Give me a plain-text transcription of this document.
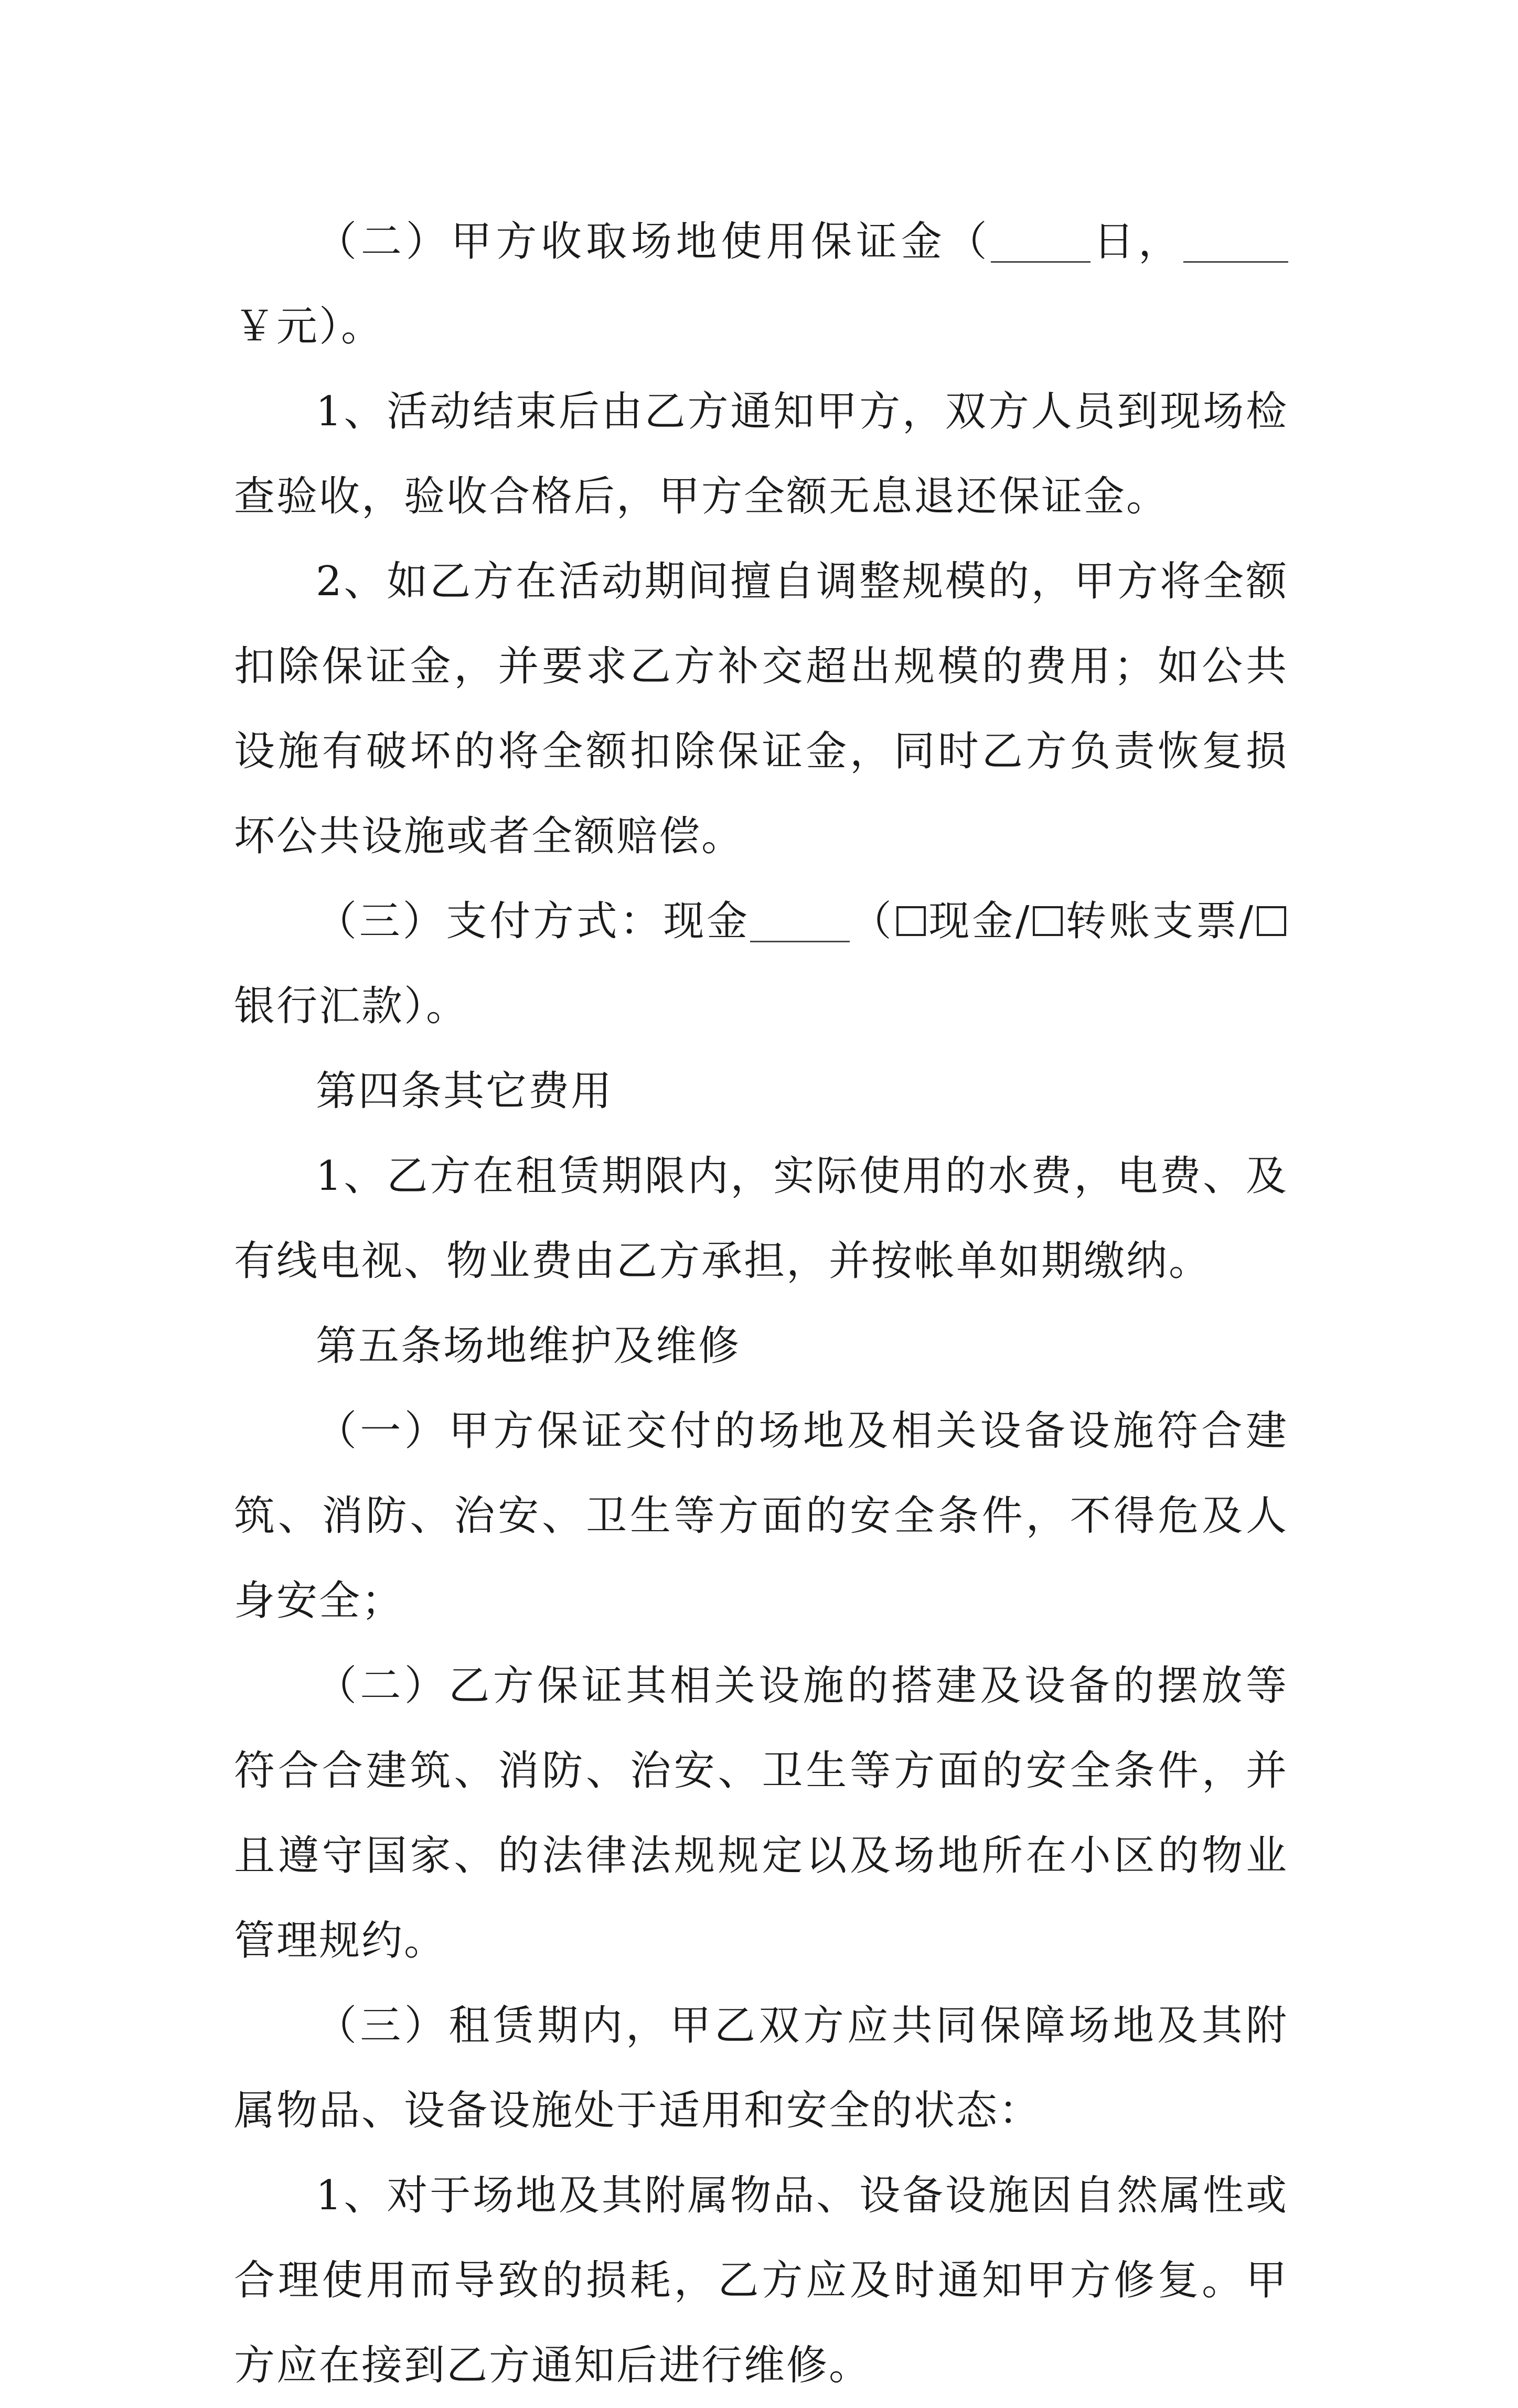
（二）甲方收取场地使用保证金（ 日，￥元）。

1、活动结束后由乙方通知甲方，双方人员到现场检查验收，验收合格后，甲方全额无息退还保证金。

2、如乙方在活动期间擅自调整规模的，甲方将全额扣除保证金，并要求乙方补交超出规模的费用；如公共设施有破坏的将全额扣除保证金，同时乙方负责恢复损坏公共设施或者全额赔偿。

（三）支付方式：现金 （ 现金/ 转账支票/银行汇款）。

第四条其它费用

1、乙方在租赁期限内，实际使用的水费，电费、及有线电视、物业费由乙方承担，并按帐单如期缴纳。

第五条场地维护及维修

（一）甲方保证交付的场地及相关设备设施符合建筑、消防、治安、卫生等方面的安全条件，不得危及人身安全；

（二）乙方保证其相关设施的搭建及设备的摆放等符合合建筑、消防、治安、卫生等方面的安全条件，并且遵守国家、的法律法规规定以及场地所在小区的物业管理规约。

（三）租赁期内，甲乙双方应共同保障场地及其附属物品、设备设施处于适用和安全的状态：

1、对于场地及其附属物品、设备设施因自然属性或合理使用而导致的损耗，乙方应及时通知甲方修复。甲方应在接到乙方通知后进行维修。
